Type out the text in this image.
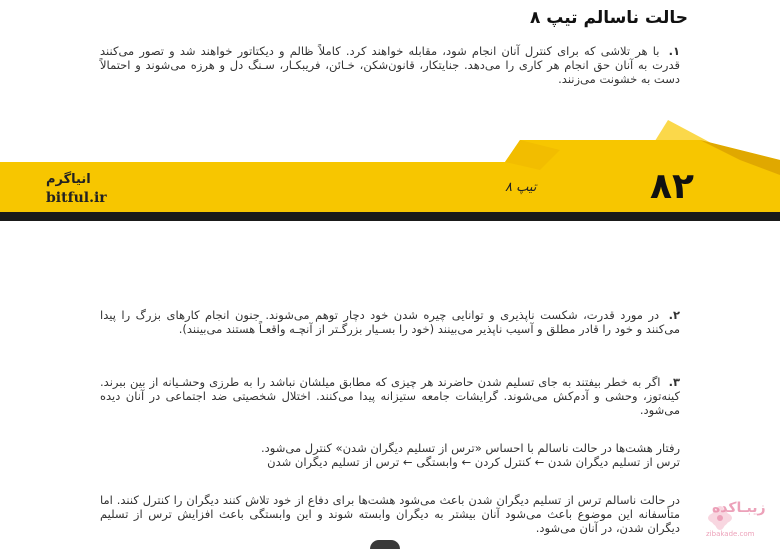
حالت ناسالم تیپ ۸
۱. با هر تلاشی که برای کنترل آنان انجام شود، مقابله خواهند کرد. کاملاً ظالم و دیکتاتور خواهند شد و تصور می‌کنند قدرت به آنان حق انجام هر کاری را می‌دهد. جنایتکار، قانون‌شکن، خـائن، فریبکـار، سـنگ دل و هرزه می‌شوند و احتمالاً دست به خشونت می‌زنند.
انیاگرم
bitful.ir
تیپ ۸	۸۲
۲. در مورد قدرت، شکست ناپذیری و توانایی چیره شدن خود دچار توهم می‌شوند. جنون انجام کارهای بزرگ را پیدا می‌کنند و خود را قادر مطلق و آسیب ناپذیر می‌بینند (خود را بسـیار بزرگـتر از آنچـه واقعـاً هستند می‌بینند).
۳. اگر به خطر بیفتند به جای تسلیم شدن حاضرند هر چیزی که مطابق میلشان نباشد را به طرزی وحشـیانه از بین ببرند. کینه‌توز، وحشی و آدم‌کش می‌شوند. گرایشات جامعه ستیزانه پیدا می‌کنند. اختلال شخصیتی ضد اجتماعی در آنان دیده می‌شود.
رفتار هشت‌ها در حالت ناسالم با احساس «ترس از تسلیم دیگران شدن» کنترل می‌شود.
ترس از تسلیم دیگران شدن ← کنترل کردن ← وابستگی ← ترس از تسلیم دیگران شدن
در حالت ناسالم ترس از تسلیم دیگران شدن باعث می‌شود هشت‌ها برای دفاع از خود تلاش کنند دیگران را کنترل کنند. اما متأسفانه این موضوع باعث می‌شود آنان بیشتر به دیگران وابسته شوند و این وابستگی باعث افزایش ترس از تسلیم دیگران شدن، در آنان می‌شود.
زیبـاکده
zibakade.com
